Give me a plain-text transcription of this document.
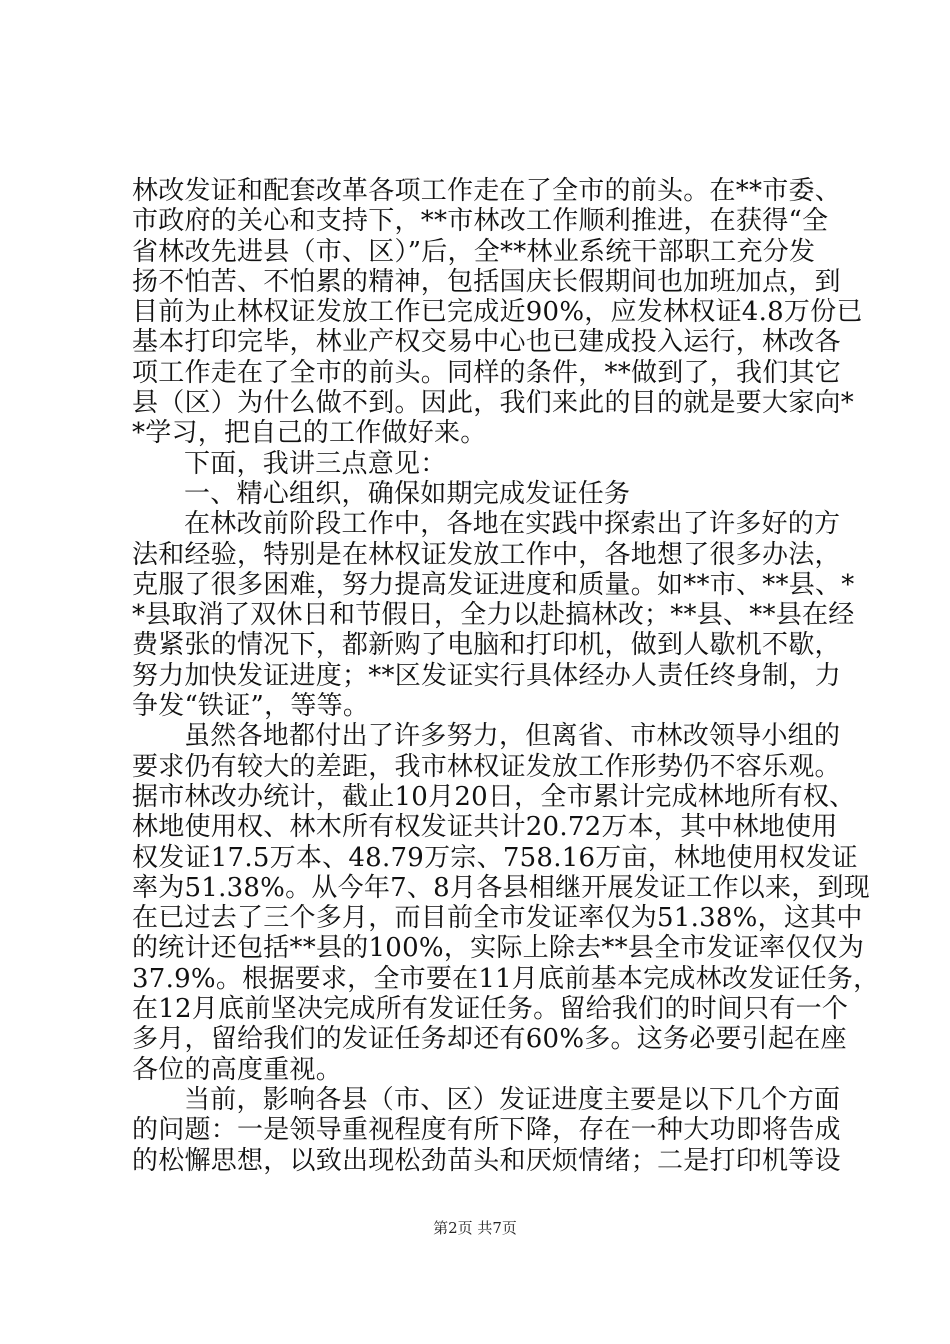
林改发证和配套改革各项工作走在了全市的前头。在**市委、
市政府的关心和支持下，**市林改工作顺利推进，在获得“全
省林改先进县（市、区）”后，全**林业系统干部职工充分发
扬不怕苦、不怕累的精神，包括国庆长假期间也加班加点，到
目前为止林权证发放工作已完成近90%，应发林权证4.8万份已
基本打印完毕，林业产权交易中心也已建成投入运行，林改各
项工作走在了全市的前头。同样的条件，**做到了，我们其它
县（区）为什么做不到。因此，我们来此的目的就是要大家向*
*学习，把自己的工作做好来。
下面，我讲三点意见：
一、精心组织，确保如期完成发证任务
在林改前阶段工作中，各地在实践中探索出了许多好的方
法和经验，特别是在林权证发放工作中，各地想了很多办法，
克服了很多困难，努力提高发证进度和质量。如**市、**县、*
*县取消了双休日和节假日，全力以赴搞林改；**县、**县在经
费紧张的情况下，都新购了电脑和打印机，做到人歇机不歇，
努力加快发证进度；**区发证实行具体经办人责任终身制，力
争发“铁证”，等等。
虽然各地都付出了许多努力，但离省、市林改领导小组的
要求仍有较大的差距，我市林权证发放工作形势仍不容乐观。
据市林改办统计，截止10月20日，全市累计完成林地所有权、
林地使用权、林木所有权发证共计20.72万本，其中林地使用
权发证17.5万本、48.79万宗、758.16万亩，林地使用权发证
率为51.38%。从今年7、8月各县相继开展发证工作以来，到现
在已过去了三个多月，而目前全市发证率仅为51.38%，这其中
的统计还包括**县的100%，实际上除去**县全市发证率仅仅为
37.9%。根据要求，全市要在11月底前基本完成林改发证任务，
在12月底前坚决完成所有发证任务。留给我们的时间只有一个
多月，留给我们的发证任务却还有60%多。这务必要引起在座
各位的高度重视。
当前，影响各县（市、区）发证进度主要是以下几个方面
的问题：一是领导重视程度有所下降，存在一种大功即将告成
的松懈思想，以致出现松劲苗头和厌烦情绪；二是打印机等设
第2页 共7页
